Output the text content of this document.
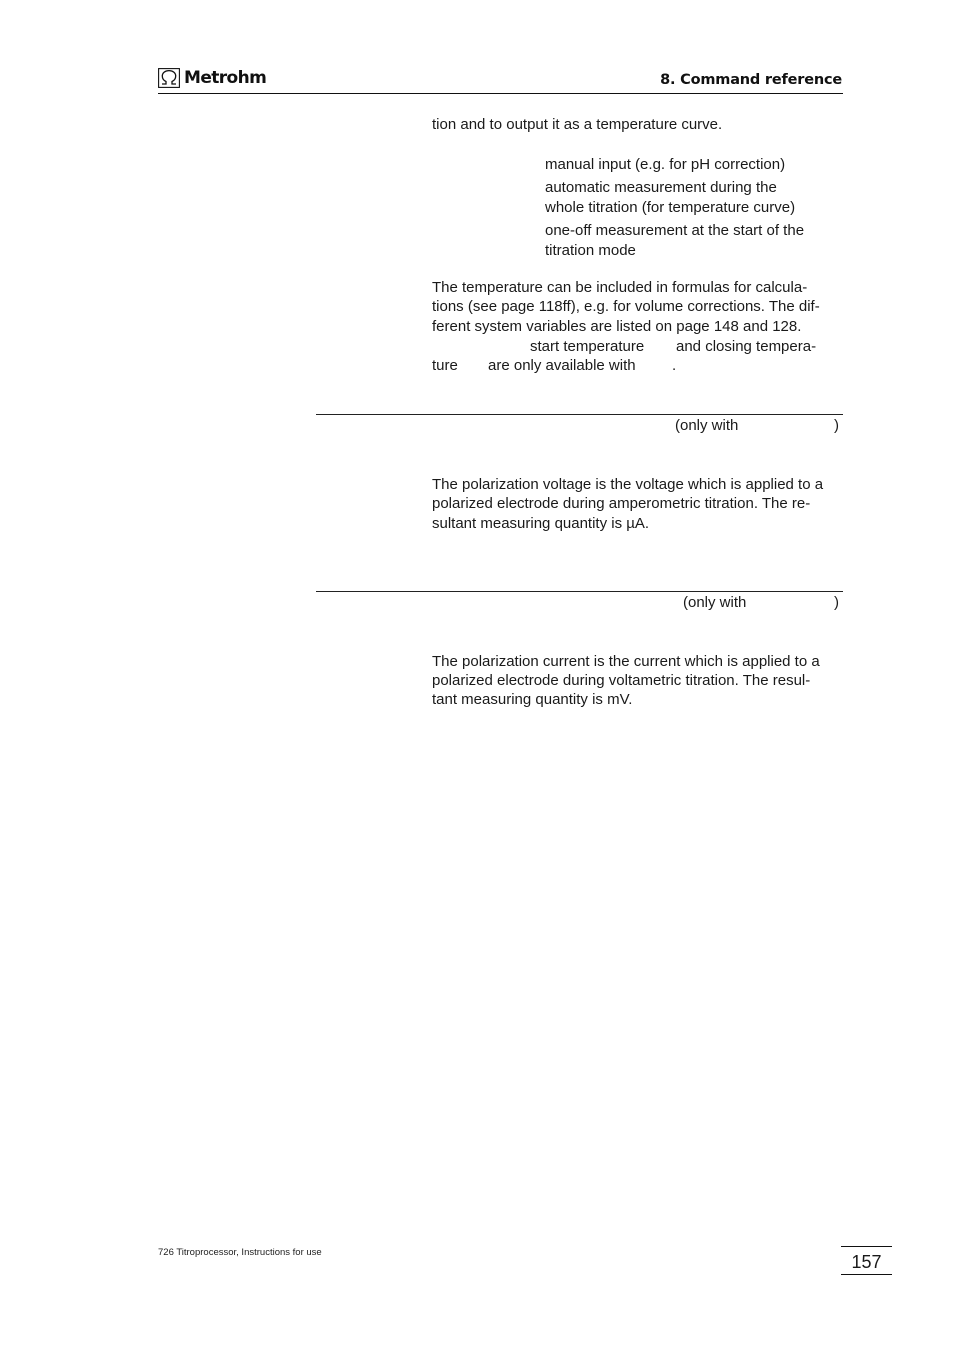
Metrohm	8. Command reference
tion and to output it as a temperature curve.
manual input (e.g. for pH correction)
automatic measurement during the
whole titration (for temperature curve)
one-off measurement at the start of the
titration mode
The temperature can be included in formulas for calcula-
tions (see page 118ff), e.g. for volume corrections. The dif-
ferent system variables are listed on page 148 and 128.
start temperature and closing tempera-
ture are only available with .
(only with	)
The polarization voltage is the voltage which is applied to a
polarized electrode during amperometric titration. The re-
sultant measuring quantity is µA.
(only with	)
The polarization current is the current which is applied to a
polarized electrode during voltametric titration. The resul-
tant measuring quantity is mV.
726 Titroprocessor, Instructions for use	157
